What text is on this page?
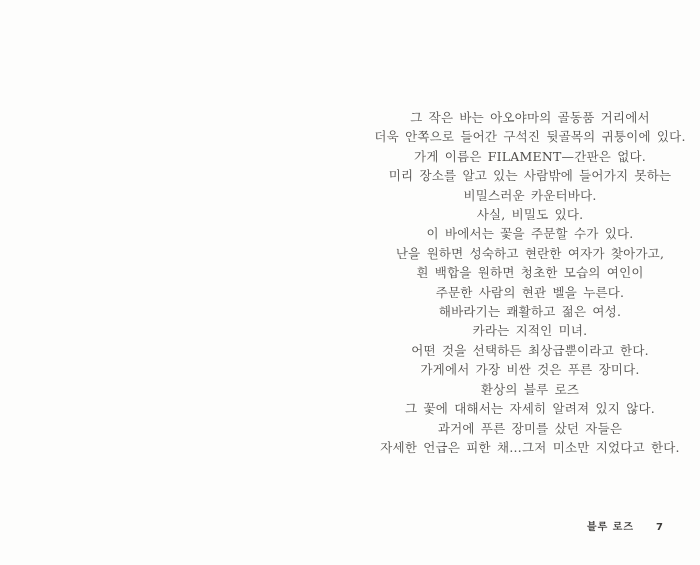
그 작은 바는 아오야마의 골동품 거리에서
더욱 안쪽으로 들어간 구석진 뒷골목의 귀퉁이에 있다.
가게 이름은 FILAMENT—간판은 없다.
미리 장소를 알고 있는 사람밖에 들어가지 못하는
비밀스러운 카운터바다.
사실, 비밀도 있다.
이 바에서는 꽃을 주문할 수가 있다.
난을 원하면 성숙하고 현란한 여자가 찾아가고,
흰 백합을 원하면 청초한 모습의 여인이
주문한 사람의 현관 벨을 누른다.
해바라기는 쾌활하고 젊은 여성.
카라는 지적인 미녀.
어떤 것을 선택하든 최상급뿐이라고 한다.
가게에서 가장 비싼 것은 푸른 장미다.
환상의 블루 로즈
그 꽃에 대해서는 자세히 알려져 있지 않다.
과거에 푸른 장미를 샀던 자들은
자세한 언급은 피한 채…그저 미소만 지었다고 한다.
블루 로즈 7
